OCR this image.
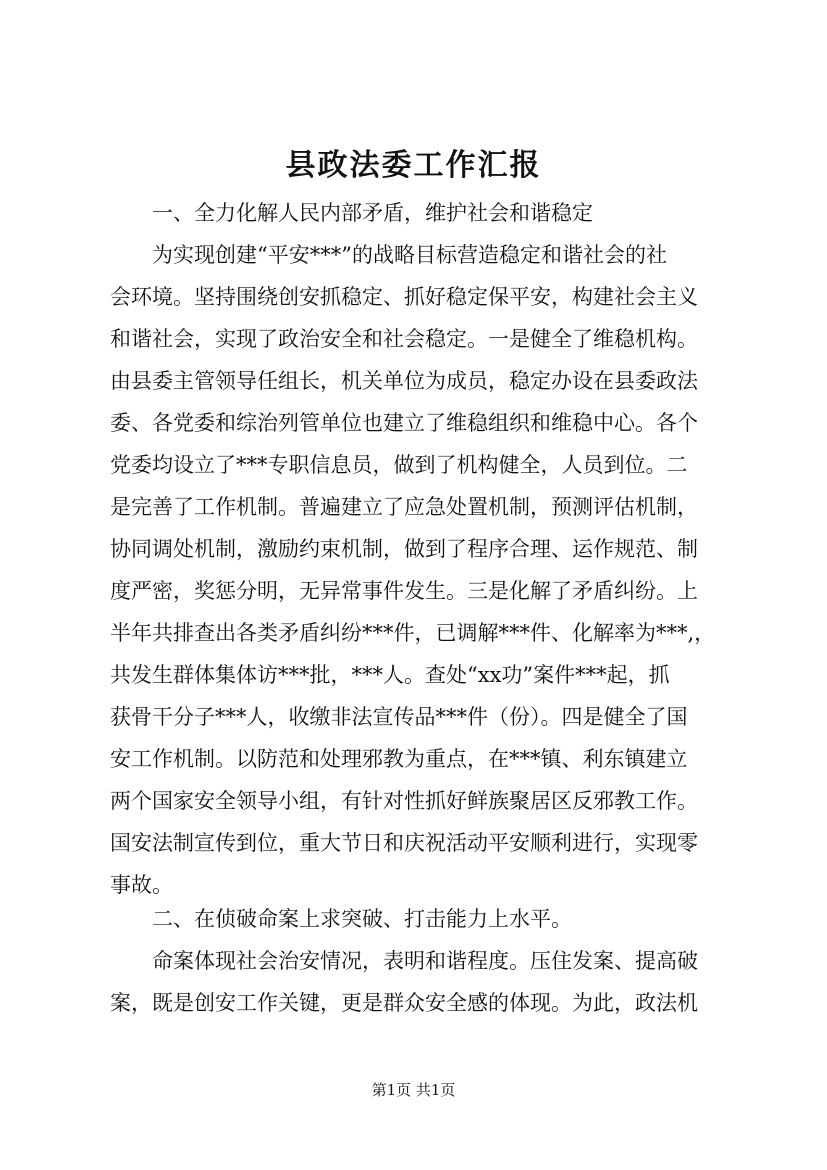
县政法委工作汇报

　　一、全力化解人民内部矛盾，维护社会和谐稳定

　　为实现创建“平安***”的战略目标营造稳定和谐社会的社

会环境。坚持围绕创安抓稳定、抓好稳定保平安，构建社会主义

和谐社会，实现了政治安全和社会稳定。一是健全了维稳机构。

由县委主管领导任组长，机关单位为成员，稳定办设在县委政法

委、各党委和综治列管单位也建立了维稳组织和维稳中心。各个

党委均设立了***专职信息员，做到了机构健全，人员到位。二

是完善了工作机制。普遍建立了应急处置机制，预测评估机制，

协同调处机制，激励约束机制，做到了程序合理、运作规范、制

度严密，奖惩分明，无异常事件发生。三是化解了矛盾纠纷。上

半年共排查出各类矛盾纠纷***件，已调解***件、化解率为***,，

共发生群体集体访***批，***人。查处“xx功”案件***起，抓

获骨干分子***人，收缴非法宣传品***件（份）。四是健全了国

安工作机制。以防范和处理邪教为重点，在***镇、利东镇建立

两个国家安全领导小组，有针对性抓好鲜族聚居区反邪教工作。

国安法制宣传到位，重大节日和庆祝活动平安顺利进行，实现零

事故。

　　二、在侦破命案上求突破、打击能力上水平。

　　命案体现社会治安情况，表明和谐程度。压住发案、提高破

案，既是创安工作关键，更是群众安全感的体现。为此，政法机

第1页 共1页
